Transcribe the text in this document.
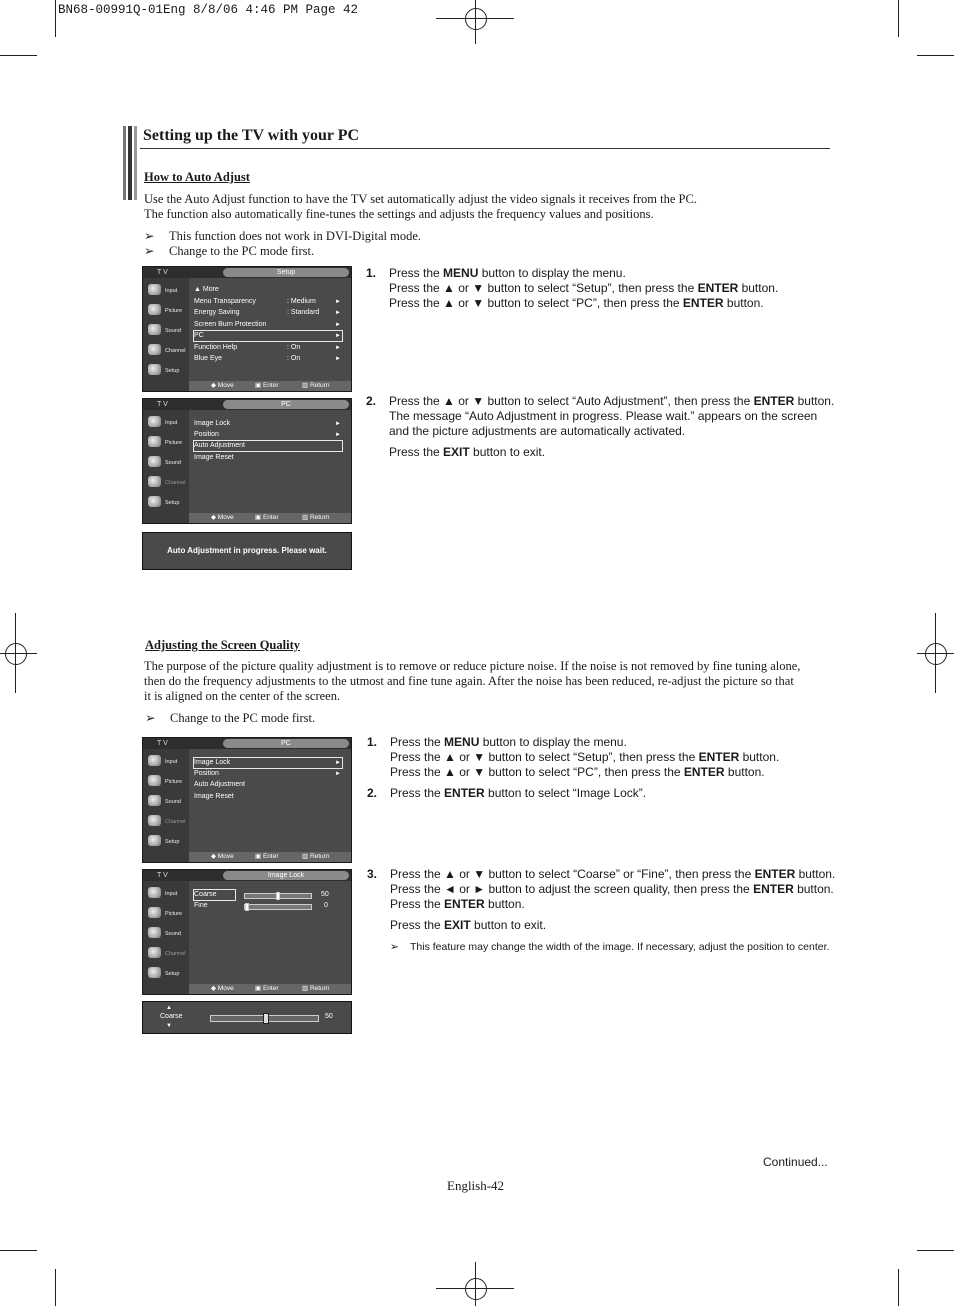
BN68-00991Q-01Eng 8/8/06 4:46 PM Page 42
Setting up the TV with your PC
How to Auto Adjust
Use the Auto Adjust function to have the TV set automatically adjust the video signals it receives from the PC.
The function also automatically fine-tunes the settings and adjusts the frequency values and positions.
➢ This function does not work in DVI-Digital mode.
➢ Change to the PC mode first.
T V	Setup
Input
Picture
Sound
Channel
Setup
▲ More
Menu Transparency	: Medium	►
Energy Saving	: Standard	►
Screen Burn Protection	►
PC	►
Function Help	: On	►
Blue Eye	: On	►
◆ Move	▣ Enter	▥ Return
T V	PC
Input
Picture
Sound
Channel
Setup
Image Lock	►
Position	►
Auto Adjustment
Image Reset
◆ Move	▣ Enter	▥ Return
Auto Adjustment in progress. Please wait.
1. Press the MENU button to display the menu.
Press the ▲ or ▼ button to select “Setup”, then press the ENTER button.
Press the ▲ or ▼ button to select “PC”, then press the ENTER button.
2. Press the ▲ or ▼ button to select “Auto Adjustment”, then press the ENTER button.
The message “Auto Adjustment in progress. Please wait.” appears on the screen
and the picture adjustments are automatically activated.
Press the EXIT button to exit.
Adjusting the Screen Quality
The purpose of the picture quality adjustment is to remove or reduce picture noise. If the noise is not removed by fine tuning alone,
then do the frequency adjustments to the utmost and fine tune again. After the noise has been reduced, re-adjust the picture so that
it is aligned on the center of the screen.
➢ Change to the PC mode first.
T V	PC
Input
Picture
Sound
Channel
Setup
Image Lock	►
Position	►
Auto Adjustment
Image Reset
◆ Move	▣ Enter	▥ Return
T V	Image Lock
Input
Picture
Sound
Channel
Setup
◆ Move	▣ Enter	▥ Return
Coarse	50
Fine	0
▲
Coarse
▼
50
1. Press the MENU button to display the menu.
Press the ▲ or ▼ button to select “Setup”, then press the ENTER button.
Press the ▲ or ▼ button to select “PC”, then press the ENTER button.
2. Press the ENTER button to select “Image Lock”.
3. Press the ▲ or ▼ button to select “Coarse” or “Fine”, then press the ENTER button.
Press the ◄ or ► button to adjust the screen quality, then press the ENTER button.
Press the ENTER button.
Press the EXIT button to exit.
➢ This feature may change the width of the image. If necessary, adjust the position to center.
Continued...
English-42
